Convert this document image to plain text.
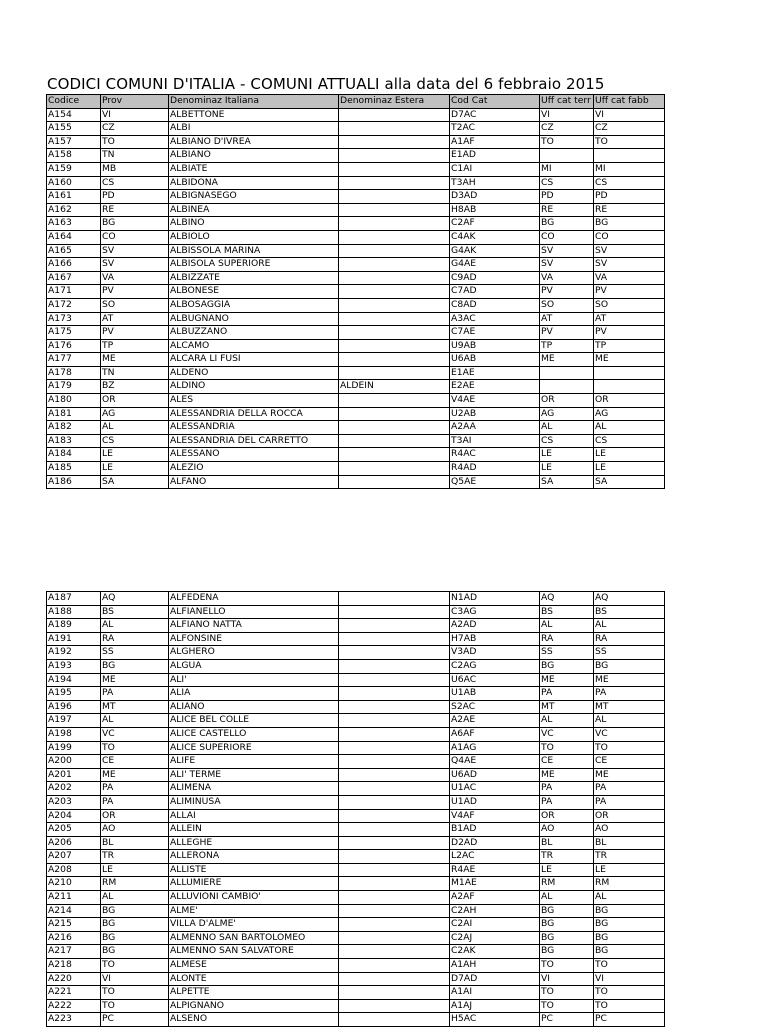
CODICI COMUNI D'ITALIA - COMUNI ATTUALI alla data del 6 febbraio 2015
Codice	Prov	Denominaz Italiana	Denominaz Estera	Cod Cat	Uff cat terr	Uff cat fabb
A154	VI	ALBETTONE		D7AC	VI	VI
A155	CZ	ALBI		T2AC	CZ	CZ
A157	TO	ALBIANO D'IVREA		A1AF	TO	TO
A158	TN	ALBIANO		E1AD		
A159	MB	ALBIATE		C1AI	MI	MI
A160	CS	ALBIDONA		T3AH	CS	CS
A161	PD	ALBIGNASEGO		D3AD	PD	PD
A162	RE	ALBINEA		H8AB	RE	RE
A163	BG	ALBINO		C2AF	BG	BG
A164	CO	ALBIOLO		C4AK	CO	CO
A165	SV	ALBISSOLA MARINA		G4AK	SV	SV
A166	SV	ALBISOLA SUPERIORE		G4AE	SV	SV
A167	VA	ALBIZZATE		C9AD	VA	VA
A171	PV	ALBONESE		C7AD	PV	PV
A172	SO	ALBOSAGGIA		C8AD	SO	SO
A173	AT	ALBUGNANO		A3AC	AT	AT
A175	PV	ALBUZZANO		C7AE	PV	PV
A176	TP	ALCAMO		U9AB	TP	TP
A177	ME	ALCARA LI FUSI		U6AB	ME	ME
A178	TN	ALDENO		E1AE		
A179	BZ	ALDINO	ALDEIN	E2AE		
A180	OR	ALES		V4AE	OR	OR
A181	AG	ALESSANDRIA DELLA ROCCA		U2AB	AG	AG
A182	AL	ALESSANDRIA		A2AA	AL	AL
A183	CS	ALESSANDRIA DEL CARRETTO		T3AI	CS	CS
A184	LE	ALESSANO		R4AC	LE	LE
A185	LE	ALEZIO		R4AD	LE	LE
A186	SA	ALFANO		Q5AE	SA	SA
A187	AQ	ALFEDENA		N1AD	AQ	AQ
A188	BS	ALFIANELLO		C3AG	BS	BS
A189	AL	ALFIANO NATTA		A2AD	AL	AL
A191	RA	ALFONSINE		H7AB	RA	RA
A192	SS	ALGHERO		V3AD	SS	SS
A193	BG	ALGUA		C2AG	BG	BG
A194	ME	ALI'		U6AC	ME	ME
A195	PA	ALIA		U1AB	PA	PA
A196	MT	ALIANO		S2AC	MT	MT
A197	AL	ALICE BEL COLLE		A2AE	AL	AL
A198	VC	ALICE CASTELLO		A6AF	VC	VC
A199	TO	ALICE SUPERIORE		A1AG	TO	TO
A200	CE	ALIFE		Q4AE	CE	CE
A201	ME	ALI' TERME		U6AD	ME	ME
A202	PA	ALIMENA		U1AC	PA	PA
A203	PA	ALIMINUSA		U1AD	PA	PA
A204	OR	ALLAI		V4AF	OR	OR
A205	AO	ALLEIN		B1AD	AO	AO
A206	BL	ALLEGHE		D2AD	BL	BL
A207	TR	ALLERONA		L2AC	TR	TR
A208	LE	ALLISTE		R4AE	LE	LE
A210	RM	ALLUMIERE		M1AE	RM	RM
A211	AL	ALLUVIONI CAMBIO'		A2AF	AL	AL
A214	BG	ALME'		C2AH	BG	BG
A215	BG	VILLA D'ALME'		C2AI	BG	BG
A216	BG	ALMENNO SAN BARTOLOMEO		C2AJ	BG	BG
A217	BG	ALMENNO SAN SALVATORE		C2AK	BG	BG
A218	TO	ALMESE		A1AH	TO	TO
A220	VI	ALONTE		D7AD	VI	VI
A221	TO	ALPETTE		A1AI	TO	TO
A222	TO	ALPIGNANO		A1AJ	TO	TO
A223	PC	ALSENO		H5AC	PC	PC
